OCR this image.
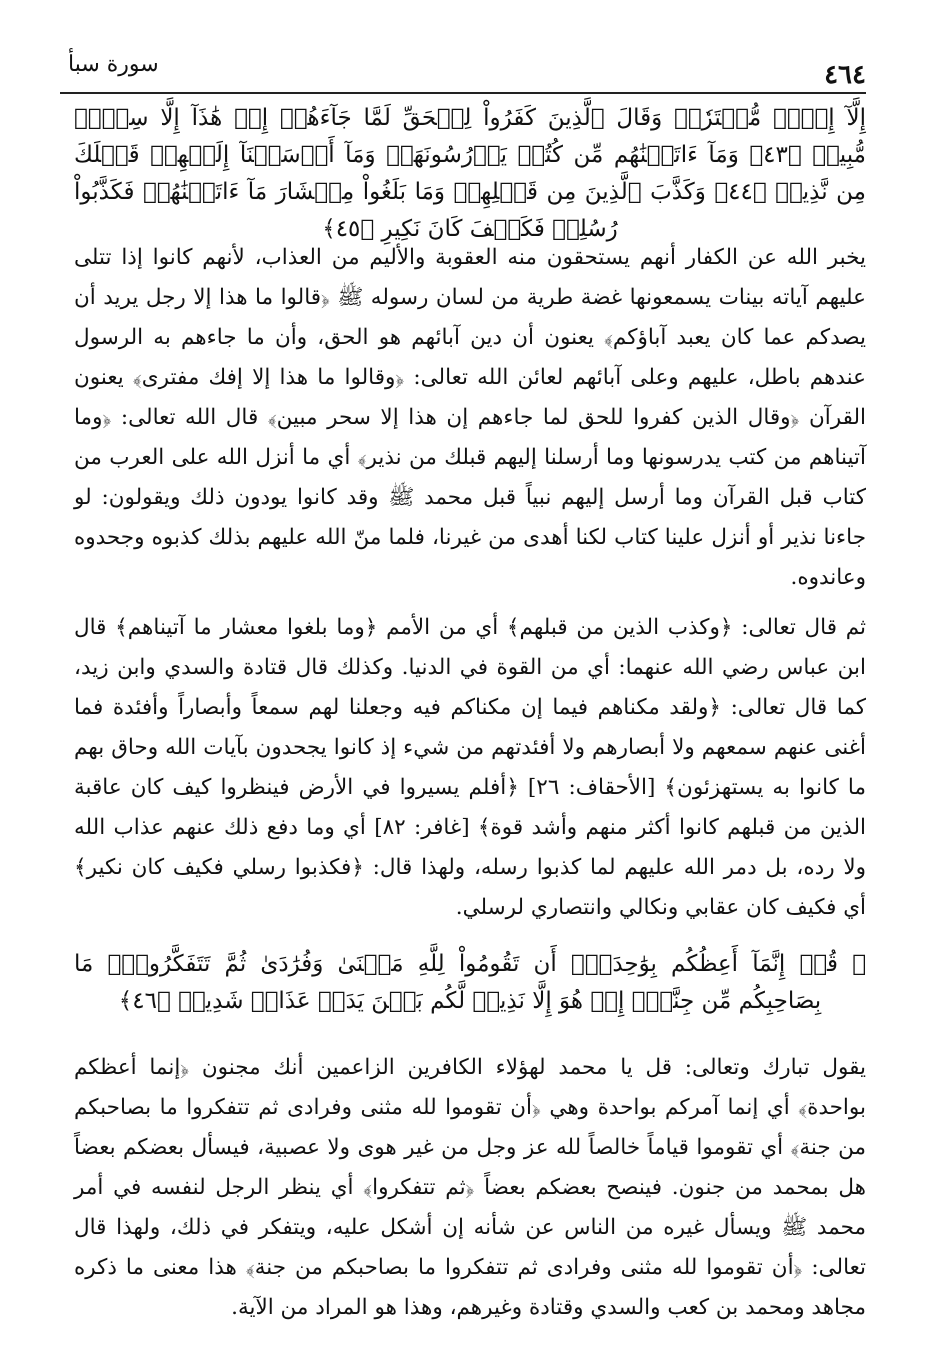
سورة سبأ	٤٦٤
إِلَّآ إِفۡكٞ مُّفۡتَرٗىۚ وَقَالَ ٱلَّذِينَ كَفَرُواْ لِلۡحَقِّ لَمَّا جَآءَهُمۡ إِنۡ هَٰذَآ إِلَّا سِحۡرٞ مُّبِينٞ ﴿٤٣﴾ وَمَآ ءَاتَيۡنَٰهُم مِّن كُتُبٖ يَدۡرُسُونَهَاۖ وَمَآ أَرۡسَلۡنَآ إِلَيۡهِمۡ قَبۡلَكَ مِن نَّذِيرٖ ﴿٤٤﴾ وَكَذَّبَ ٱلَّذِينَ مِن قَبۡلِهِمۡ وَمَا بَلَغُواْ مِعۡشَارَ مَآ ءَاتَيۡنَٰهُمۡ فَكَذَّبُواْ رُسُلِيۖ فَكَيۡفَ كَانَ نَكِيرِ ﴿٤٥﴾

يخبر الله عن الكفار أنهم يستحقون منه العقوبة والأليم من العذاب، لأنهم كانوا إذا تتلى عليهم آياته بينات يسمعونها غضة طرية من لسان رسوله ﷺ ﴿قالوا ما هذا إلا رجل يريد أن يصدكم عما كان يعبد آباؤكم﴾ يعنون أن دين آبائهم هو الحق، وأن ما جاءهم به الرسول عندهم باطل، عليهم وعلى آبائهم لعائن الله تعالى: ﴿وقالوا ما هذا إلا إفك مفترى﴾ يعنون القرآن ﴿وقال الذين كفروا للحق لما جاءهم إن هذا إلا سحر مبين﴾ قال الله تعالى: ﴿وما آتيناهم من كتب يدرسونها وما أرسلنا إليهم قبلك من نذير﴾ أي ما أنزل الله على العرب من كتاب قبل القرآن وما أرسل إليهم نبياً قبل محمد ﷺ وقد كانوا يودون ذلك ويقولون: لو جاءنا نذير أو أنزل علينا كتاب لكنا أهدى من غيرنا، فلما منّ الله عليهم بذلك كذبوه وجحدوه وعاندوه.

ثم قال تعالى: ﴿وكذب الذين من قبلهم﴾ أي من الأمم ﴿وما بلغوا معشار ما آتيناهم﴾ قال ابن عباس رضي الله عنهما: أي من القوة في الدنيا. وكذلك قال قتادة والسدي وابن زيد، كما قال تعالى: ﴿ولقد مكناهم فيما إن مكناكم فيه وجعلنا لهم سمعاً وأبصاراً وأفئدة فما أغنى عنهم سمعهم ولا أبصارهم ولا أفئدتهم من شيء إذ كانوا يجحدون بآيات الله وحاق بهم ما كانوا به يستهزئون﴾ [الأحقاف: ٢٦] ﴿أفلم يسيروا في الأرض فينظروا كيف كان عاقبة الذين من قبلهم كانوا أكثر منهم وأشد قوة﴾ [غافر: ٨٢] أي وما دفع ذلك عنهم عذاب الله ولا رده، بل دمر الله عليهم لما كذبوا رسله، ولهذا قال: ﴿فكذبوا رسلي فكيف كان نكير﴾ أي فكيف كان عقابي ونكالي وانتصاري لرسلي.

۞ قُلۡ إِنَّمَآ أَعِظُكُم بِوَٰحِدَةٍۖ أَن تَقُومُواْ لِلَّهِ مَثۡنَىٰ وَفُرَٰدَىٰ ثُمَّ تَتَفَكَّرُواْۚ مَا بِصَاحِبِكُم مِّن جِنَّةٍۚ إِنۡ هُوَ إِلَّا نَذِيرٞ لَّكُم بَيۡنَ يَدَيۡ عَذَابٖ شَدِيدٖ ﴿٤٦﴾

يقول تبارك وتعالى: قل يا محمد لهؤلاء الكافرين الزاعمين أنك مجنون ﴿إنما أعظكم بواحدة﴾ أي إنما آمركم بواحدة وهي ﴿أن تقوموا لله مثنى وفرادى ثم تتفكروا ما بصاحبكم من جنة﴾ أي تقوموا قياماً خالصاً لله عز وجل من غير هوى ولا عصبية، فيسأل بعضكم بعضاً هل بمحمد من جنون. فينصح بعضكم بعضاً ﴿ثم تتفكروا﴾ أي ينظر الرجل لنفسه في أمر محمد ﷺ ويسأل غيره من الناس عن شأنه إن أشكل عليه، ويتفكر في ذلك، ولهذا قال تعالى: ﴿أن تقوموا لله مثنى وفرادى ثم تتفكروا ما بصاحبكم من جنة﴾ هذا معنى ما ذكره مجاهد ومحمد بن كعب والسدي وقتادة وغيرهم، وهذا هو المراد من الآية.
